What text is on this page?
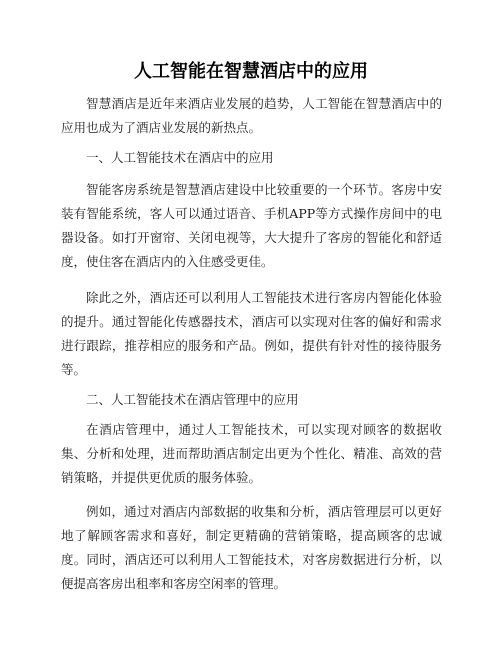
人工智能在智慧酒店中的应用

智慧酒店是近年来酒店业发展的趋势，人工智能在智慧酒店中的应用也成为了酒店业发展的新热点。

一、人工智能技术在酒店中的应用

智能客房系统是智慧酒店建设中比较重要的一个环节。客房中安装有智能系统，客人可以通过语音、手机APP等方式操作房间中的电器设备。如打开窗帘、关闭电视等，大大提升了客房的智能化和舒适度，使住客在酒店内的入住感受更佳。

除此之外，酒店还可以利用人工智能技术进行客房内智能化体验的提升。通过智能化传感器技术，酒店可以实现对住客的偏好和需求进行跟踪，推荐相应的服务和产品。例如，提供有针对性的接待服务等。

二、人工智能技术在酒店管理中的应用

在酒店管理中，通过人工智能技术，可以实现对顾客的数据收集、分析和处理，进而帮助酒店制定出更为个性化、精准、高效的营销策略，并提供更优质的服务体验。

例如，通过对酒店内部数据的收集和分析，酒店管理层可以更好地了解顾客需求和喜好，制定更精确的营销策略，提高顾客的忠诚度。同时，酒店还可以利用人工智能技术，对客房数据进行分析，以便提高客房出租率和客房空闲率的管理。
